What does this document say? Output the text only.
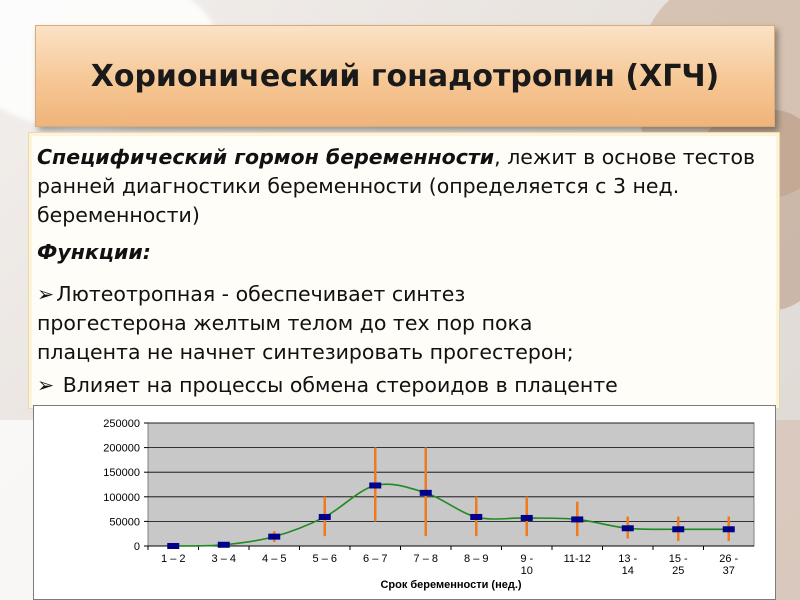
Хорионический гонадотропин (ХГЧ)
Специфический гормон беременности, лежит в основе тестов ранней диагностики беременности (определяется с 3 нед. беременности)
Функции:
➢Лютеотропная - обеспечивает синтез
прогестерона желтым телом до тех пор пока
плацента не начнет синтезировать прогестерон;
➢ Влияет на процессы обмена стероидов в плаценте
0
50000
100000
150000
200000
250000
1 – 2 3 – 4 4 – 5 5 – 6 6 – 7 7 – 8 8 – 9	9 -10
11-12 13 -14
15 -25
26 -37
Срок беременности (нед.)
